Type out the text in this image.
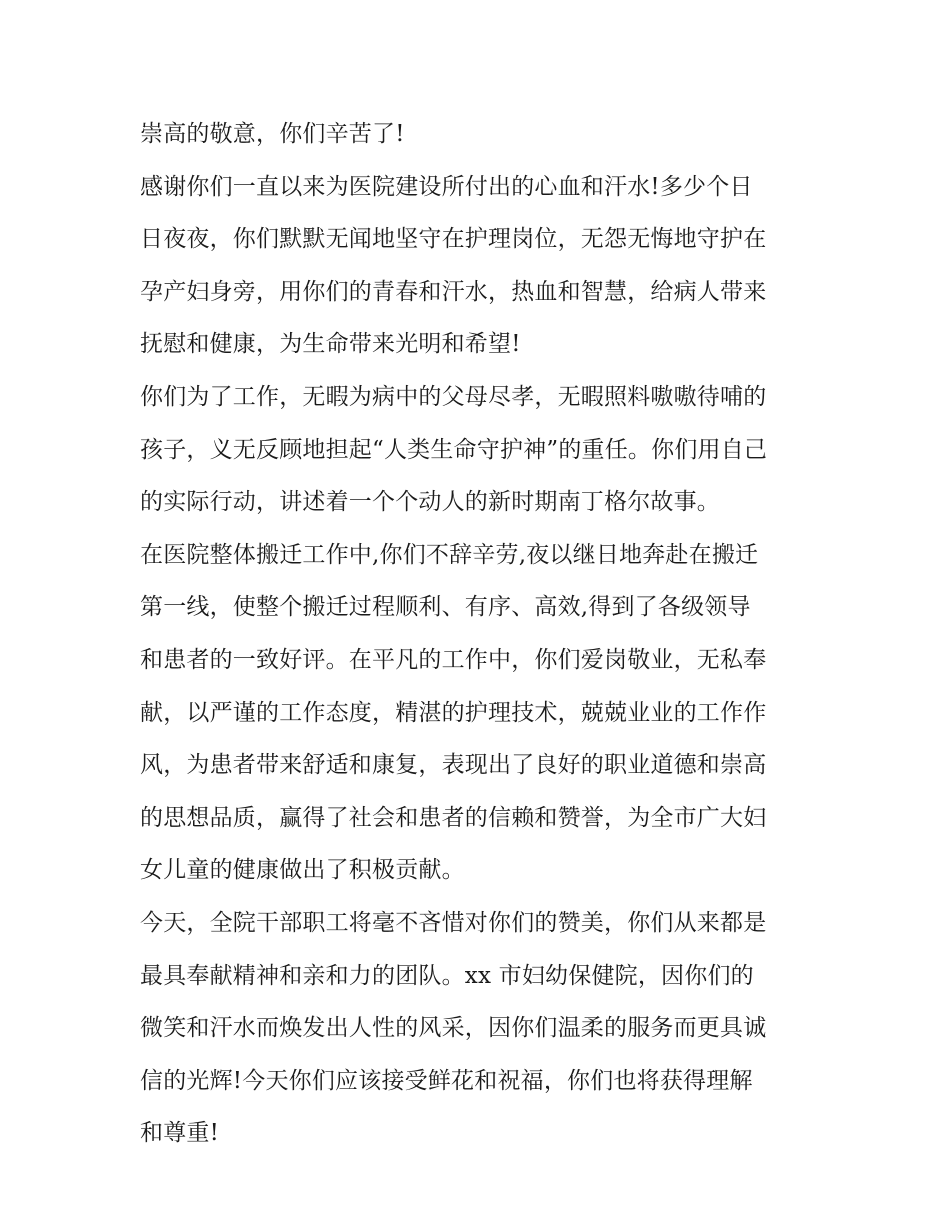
崇高的敬意，你们辛苦了!
感谢你们一直以来为医院建设所付出的心血和汗水!多少个日
日夜夜，你们默默无闻地坚守在护理岗位，无怨无悔地守护在
孕产妇身旁，用你们的青春和汗水，热血和智慧，给病人带来
抚慰和健康，为生命带来光明和希望!
你们为了工作，无暇为病中的父母尽孝，无暇照料嗷嗷待哺的
孩子，义无反顾地担起“人类生命守护神”的重任。你们用自己
的实际行动，讲述着一个个动人的新时期南丁格尔故事。
在医院整体搬迁工作中,你们不辞辛劳,夜以继日地奔赴在搬迁
第一线，使整个搬迁过程顺利、有序、高效,得到了各级领导
和患者的一致好评。在平凡的工作中，你们爱岗敬业，无私奉
献，以严谨的工作态度，精湛的护理技术，兢兢业业的工作作
风，为患者带来舒适和康复，表现出了良好的职业道德和崇高
的思想品质，赢得了社会和患者的信赖和赞誉，为全市广大妇
女儿童的健康做出了积极贡献。
今天，全院干部职工将毫不吝惜对你们的赞美，你们从来都是
最具奉献精神和亲和力的团队。xx 市妇幼保健院，因你们的
微笑和汗水而焕发出人性的风采，因你们温柔的服务而更具诚
信的光辉!今天你们应该接受鲜花和祝福，你们也将获得理解
和尊重!
